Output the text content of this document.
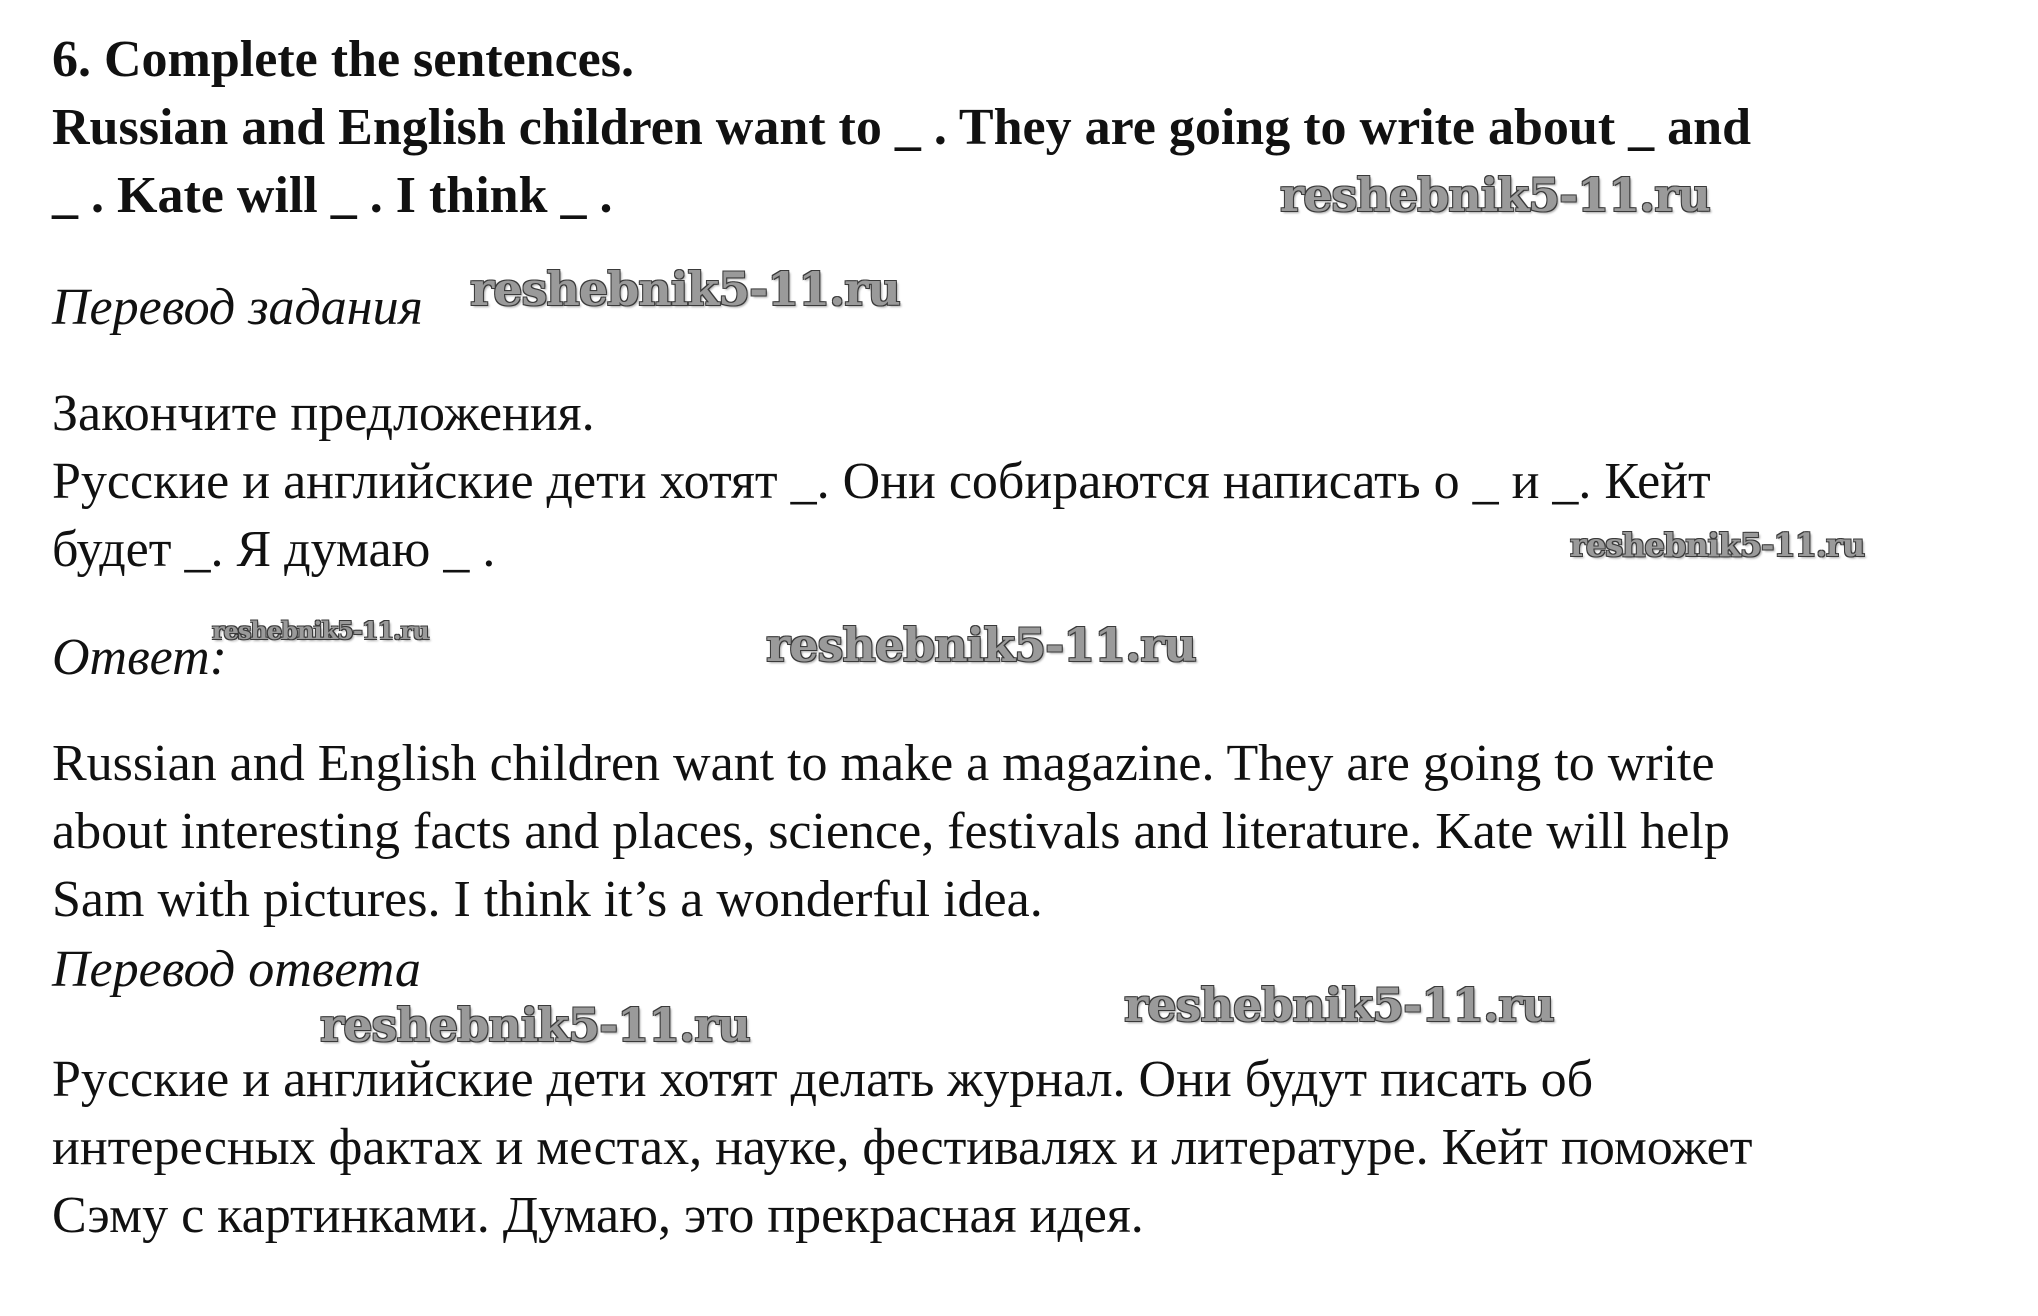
6. Complete the sentences.
Russian and English children want to _ . They are going to write about _ and
_ . Kate will _ . I think _ .
Перевод задания
Закончите предложения.
Русские и английские дети хотят _. Они собираются написать о _ и _. Кейт
будет _. Я думаю _ .
Ответ:
Russian and English children want to make a magazine. They are going to write
about interesting facts and places, science, festivals and literature. Kate will help
Sam with pictures. I think it’s a wonderful idea.
Перевод ответа
Русские и английские дети хотят делать журнал. Они будут писать об
интересных фактах и местах, науке, фестивалях и литературе. Кейт поможет
Сэму с картинками. Думаю, это прекрасная идея.
reshebnik5-11.ru
reshebnik5-11.ru
reshebnik5-11.ru
reshebnik5-11.ru	reshebnik5-11.ru
reshebnik5-11.ru	reshebnik5-11.ru
